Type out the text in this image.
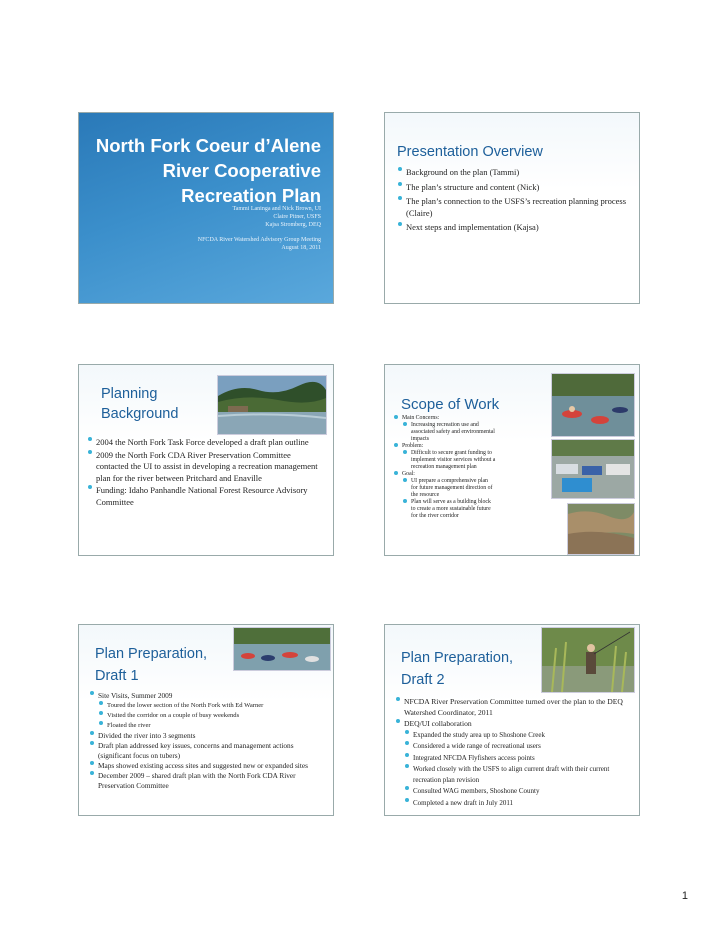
North Fork Coeur d’Alene River Cooperative Recreation Plan
Tammi Laninga and Nick Brown, UI
Claire Pitner, USFS
Kajsa Stromberg, DEQ
NFCDA River Watershed Advisory Group Meeting
August 18, 2011
Presentation Overview
Background on the plan (Tammi)
The plan’s structure and content (Nick)
The plan’s connection to the USFS’s recreation planning process (Claire)
Next steps and implementation (Kajsa)
Planning
Background
2004 the North Fork Task Force developed a draft plan outline
2009 the North Fork CDA River Preservation Committee contacted the UI to assist in developing a recreation management plan for the river between Pritchard and Enaville
Funding: Idaho Panhandle National Forest Resource Advisory Committee
Scope of Work
Main Concerns:
Increasing recreation use and associated safety and environmental impacts
Problem:
Difficult to secure grant funding to implement visitor services without a recreation management plan
Goal:
UI prepare a comprehensive plan for future management direction of the resource
Plan will serve as a building block to create a more sustainable future for the river corridor
Plan Preparation,
Draft 1
Site Visits, Summer 2009
Toured the lower section of the North Fork with Ed Warner
Visited the corridor on a couple of busy weekends
Floated the river
Divided the river into 3 segments
Draft plan addressed key issues, concerns and management actions (significant focus on tubers)
Maps showed existing access sites and suggested new or expanded sites
December 2009 – shared draft plan with the North Fork CDA River Preservation Committee
Plan Preparation,
Draft 2
NFCDA River Preservation Committee turned over the plan to the DEQ Watershed Coordinator, 2011
DEQ/UI collaboration
Expanded the study area up to Shoshone Creek
Considered a wide range of recreational users
Integrated NFCDA Flyfishers access points
Worked closely with the USFS to align current draft with their current recreation plan revision
Consulted WAG members, Shoshone County
Completed a new draft in July 2011
1
